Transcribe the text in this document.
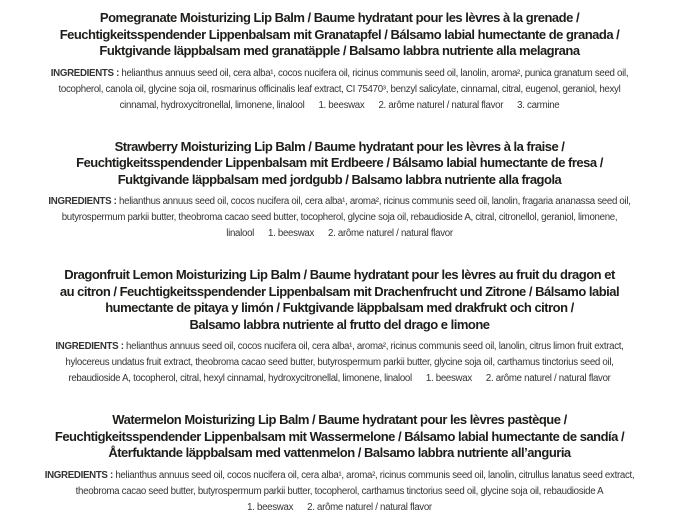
Pomegranate Moisturizing Lip Balm / Baume hydratant pour les lèvres à la grenade /
Feuchtigkeitsspendender Lippenbalsam mit Granatapfel / Bálsamo labial humectante de granada /
Fuktgivande läppbalsam med granatäpple / Balsamo labbra nutriente alla melagrana
INGREDIENTS : helianthus annuus seed oil, cera alba¹, cocos nucifera oil, ricinus communis seed oil, lanolin, aroma², punica granatum seed oil,
tocopherol, canola oil, glycine soja oil, rosmarinus officinalis leaf extract, CI 75470³, benzyl salicylate, cinnamal, citral, eugenol, geraniol, hexyl
cinnamal, hydroxycitronellal, limonene, linalool 1. beeswax 2. arôme naturel / natural flavor 3. carmine
Strawberry Moisturizing Lip Balm / Baume hydratant pour les lèvres à la fraise /
Feuchtigkeitsspendender Lippenbalsam mit Erdbeere / Bálsamo labial humectante de fresa /
Fuktgivande läppbalsam med jordgubb / Balsamo labbra nutriente alla fragola
INGREDIENTS : helianthus annuus seed oil, cocos nucifera oil, cera alba¹, aroma², ricinus communis seed oil, lanolin, fragaria ananassa seed oil,
butyrospermum parkii butter, theobroma cacao seed butter, tocopherol, glycine soja oil, rebaudioside A, citral, citronellol, geraniol, limonene,
linalool 1. beeswax 2. arôme naturel / natural flavor
Dragonfruit Lemon Moisturizing Lip Balm / Baume hydratant pour les lèvres au fruit du dragon et
au citron / Feuchtigkeitsspendender Lippenbalsam mit Drachenfrucht und Zitrone / Bálsamo labial
humectante de pitaya y limón / Fuktgivande läppbalsam med drakfrukt och citron /
Balsamo labbra nutriente al frutto del drago e limone
INGREDIENTS : helianthus annuus seed oil, cocos nucifera oil, cera alba¹, aroma², ricinus communis seed oil, lanolin, citrus limon fruit extract,
hylocereus undatus fruit extract, theobroma cacao seed butter, butyrospermum parkii butter, glycine soja oil, carthamus tinctorius seed oil,
rebaudioside A, tocopherol, citral, hexyl cinnamal, hydroxycitronellal, limonene, linalool 1. beeswax 2. arôme naturel / natural flavor
Watermelon Moisturizing Lip Balm / Baume hydratant pour les lèvres pastèque /
Feuchtigkeitsspendender Lippenbalsam mit Wassermelone / Bálsamo labial humectante de sandía /
Återfuktande läppbalsam med vattenmelon / Balsamo labbra nutriente all’anguria
INGREDIENTS : helianthus annuus seed oil, cocos nucifera oil, cera alba¹, aroma², ricinus communis seed oil, lanolin, citrullus lanatus seed extract,
theobroma cacao seed butter, butyrospermum parkii butter, tocopherol, carthamus tinctorius seed oil, glycine soja oil, rebaudioside A
1. beeswax 2. arôme naturel / natural flavor
